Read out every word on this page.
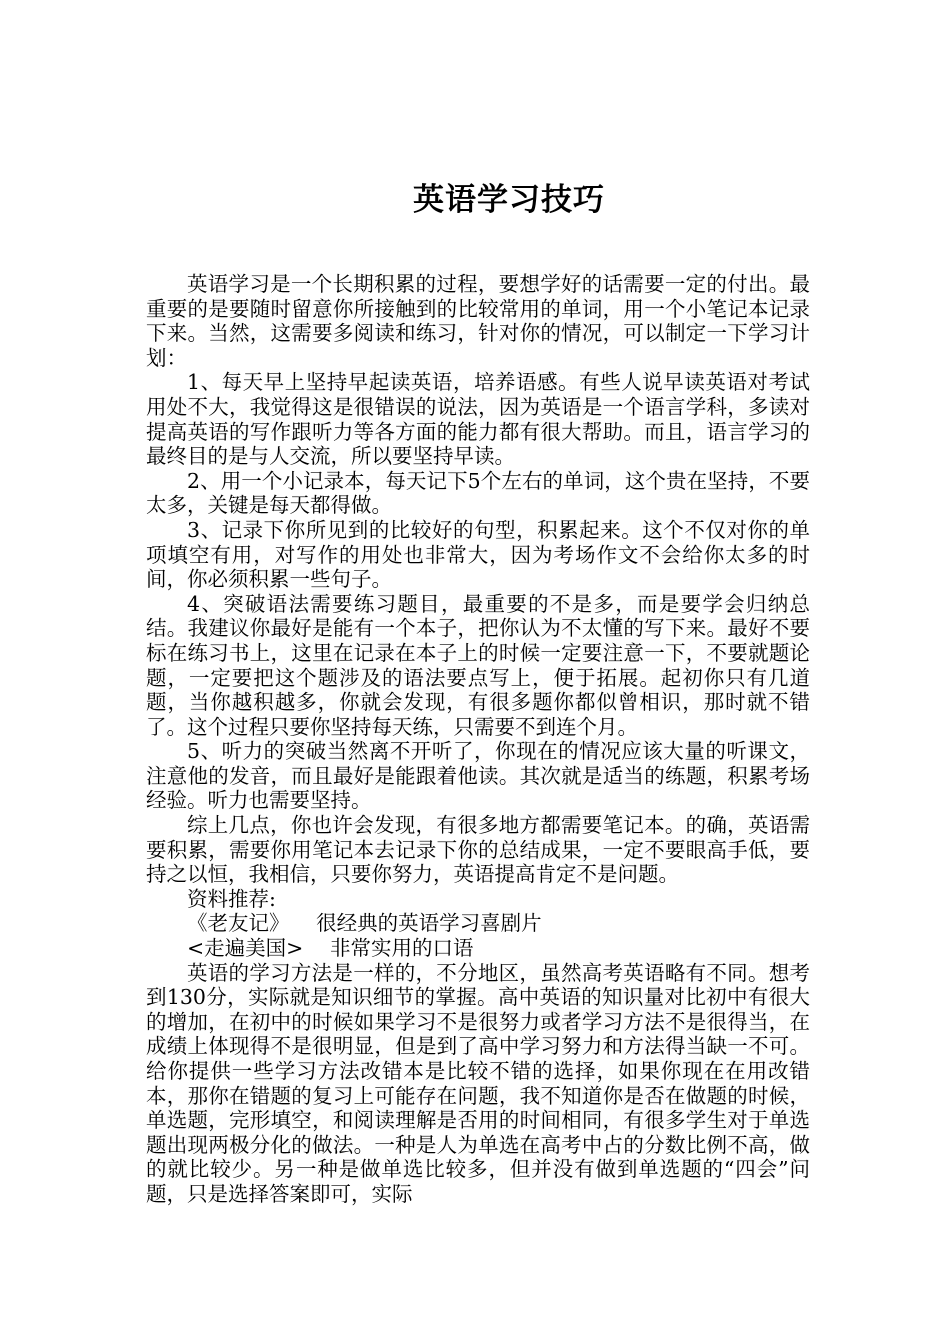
英语学习技巧

英语学习是一个长期积累的过程，要想学好的话需要一定的付出。最重要的是要随时留意你所接触到的比较常用的单词，用一个小笔记本记录下来。当然，这需要多阅读和练习，针对你的情况，可以制定一下学习计划：

1、每天早上坚持早起读英语，培养语感。有些人说早读英语对考试用处不大，我觉得这是很错误的说法，因为英语是一个语言学科，多读对提高英语的写作跟听力等各方面的能力都有很大帮助。而且，语言学习的最终目的是与人交流，所以要坚持早读。

2、用一个小记录本，每天记下5个左右的单词，这个贵在坚持，不要太多，关键是每天都得做。

3、记录下你所见到的比较好的句型，积累起来。这个不仅对你的单项填空有用，对写作的用处也非常大，因为考场作文不会给你太多的时间，你必须积累一些句子。

4、突破语法需要练习题目，最重要的不是多，而是要学会归纳总结。我建议你最好是能有一个本子，把你认为不太懂的写下来。最好不要标在练习书上，这里在记录在本子上的时候一定要注意一下，不要就题论题，一定要把这个题涉及的语法要点写上，便于拓展。起初你只有几道题，当你越积越多，你就会发现，有很多题你都似曾相识，那时就不错了。这个过程只要你坚持每天练，只需要不到连个月。

5、听力的突破当然离不开听了，你现在的情况应该大量的听课文，注意他的发音，而且最好是能跟着他读。其次就是适当的练题，积累考场经验。听力也需要坚持。

综上几点，你也许会发现，有很多地方都需要笔记本。的确，英语需要积累，需要你用笔记本去记录下你的总结成果，一定不要眼高手低，要持之以恒，我相信，只要你努力，英语提高肯定不是问题。

资料推荐:

《老友记》 很经典的英语学习喜剧片

<走遍美国> 非常实用的口语

英语的学习方法是一样的，不分地区，虽然高考英语略有不同。想考到130分，实际就是知识细节的掌握。高中英语的知识量对比初中有很大的增加，在初中的时候如果学习不是很努力或者学习方法不是很得当，在成绩上体现得不是很明显，但是到了高中学习努力和方法得当缺一不可。给你提供一些学习方法改错本是比较不错的选择，如果你现在在用改错本，那你在错题的复习上可能存在问题，我不知道你是否在做题的时候，单选题，完形填空，和阅读理解是否用的时间相同，有很多学生对于单选题出现两极分化的做法。一种是人为单选在高考中占的分数比例不高，做的就比较少。另一种是做单选比较多，但并没有做到单选题的“四会”问题，只是选择答案即可，实际
